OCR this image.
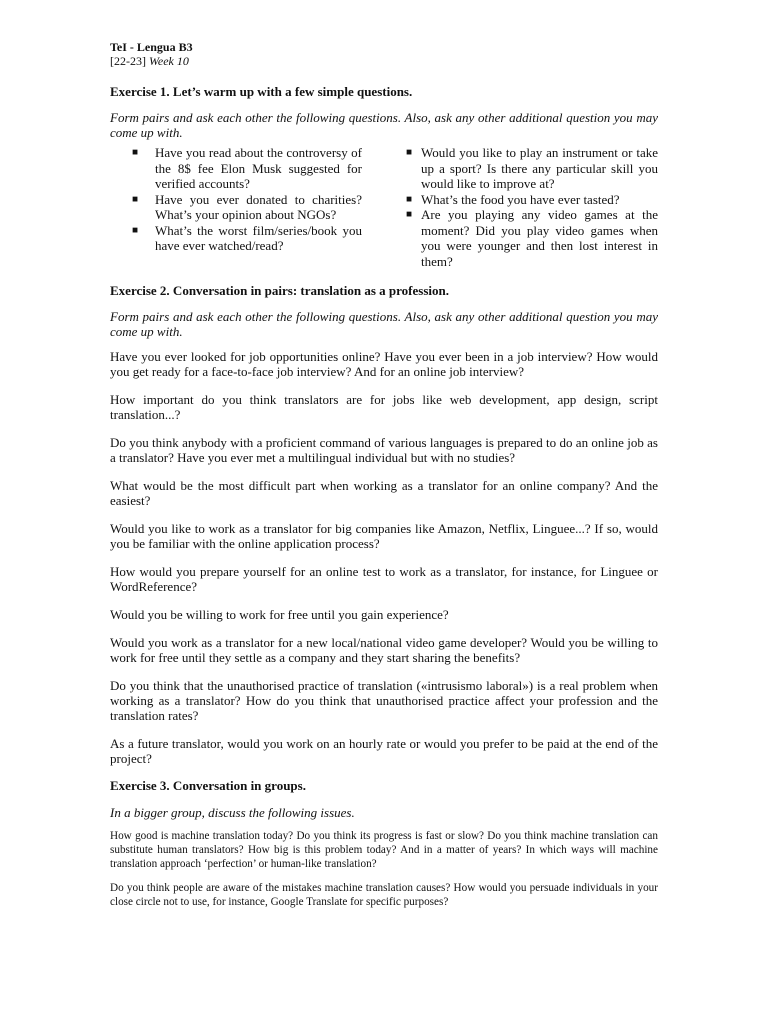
TeI - Lengua B3
[22-23] Week 10
Exercise 1. Let’s warm up with a few simple questions.

Form pairs and ask each other the following questions. Also, ask any other additional question you may come up with.

■ Have you read about the controversy of the 8$ fee Elon Musk suggested for verified accounts?
■ Have you ever donated to charities? What’s your opinion about NGOs?
■ What’s the worst film/series/book you have ever watched/read?
■ Would you like to play an instrument or take up a sport? Is there any particular skill you would like to improve at?
■ What’s the food you have ever tasted?
■ Are you playing any video games at the moment? Did you play video games when you were younger and then lost interest in them?
Exercise 2. Conversation in pairs: translation as a profession.

Form pairs and ask each other the following questions. Also, ask any other additional question you may come up with.

Have you ever looked for job opportunities online? Have you ever been in a job interview? How would you get ready for a face-to-face job interview? And for an online job interview?

How important do you think translators are for jobs like web development, app design, script translation...?

Do you think anybody with a proficient command of various languages is prepared to do an online job as a translator? Have you ever met a multilingual individual but with no studies?

What would be the most difficult part when working as a translator for an online company? And the easiest?

Would you like to work as a translator for big companies like Amazon, Netflix, Linguee...? If so, would you be familiar with the online application process?

How would you prepare yourself for an online test to work as a translator, for instance, for Linguee or WordReference?

Would you be willing to work for free until you gain experience?

Would you work as a translator for a new local/national video game developer? Would you be willing to work for free until they settle as a company and they start sharing the benefits?

Do you think that the unauthorised practice of translation («intrusismo laboral») is a real problem when working as a translator? How do you think that unauthorised practice affect your profession and the translation rates?

As a future translator, would you work on an hourly rate or would you prefer to be paid at the end of the project?

Exercise 3. Conversation in groups.

In a bigger group, discuss the following issues.

How good is machine translation today? Do you think its progress is fast or slow? Do you think machine translation can substitute human translators? How big is this problem today? And in a matter of years? In which ways will machine translation approach ‘perfection’ or human-like translation?

Do you think people are aware of the mistakes machine translation causes? How would you persuade individuals in your close circle not to use, for instance, Google Translate for specific purposes?
